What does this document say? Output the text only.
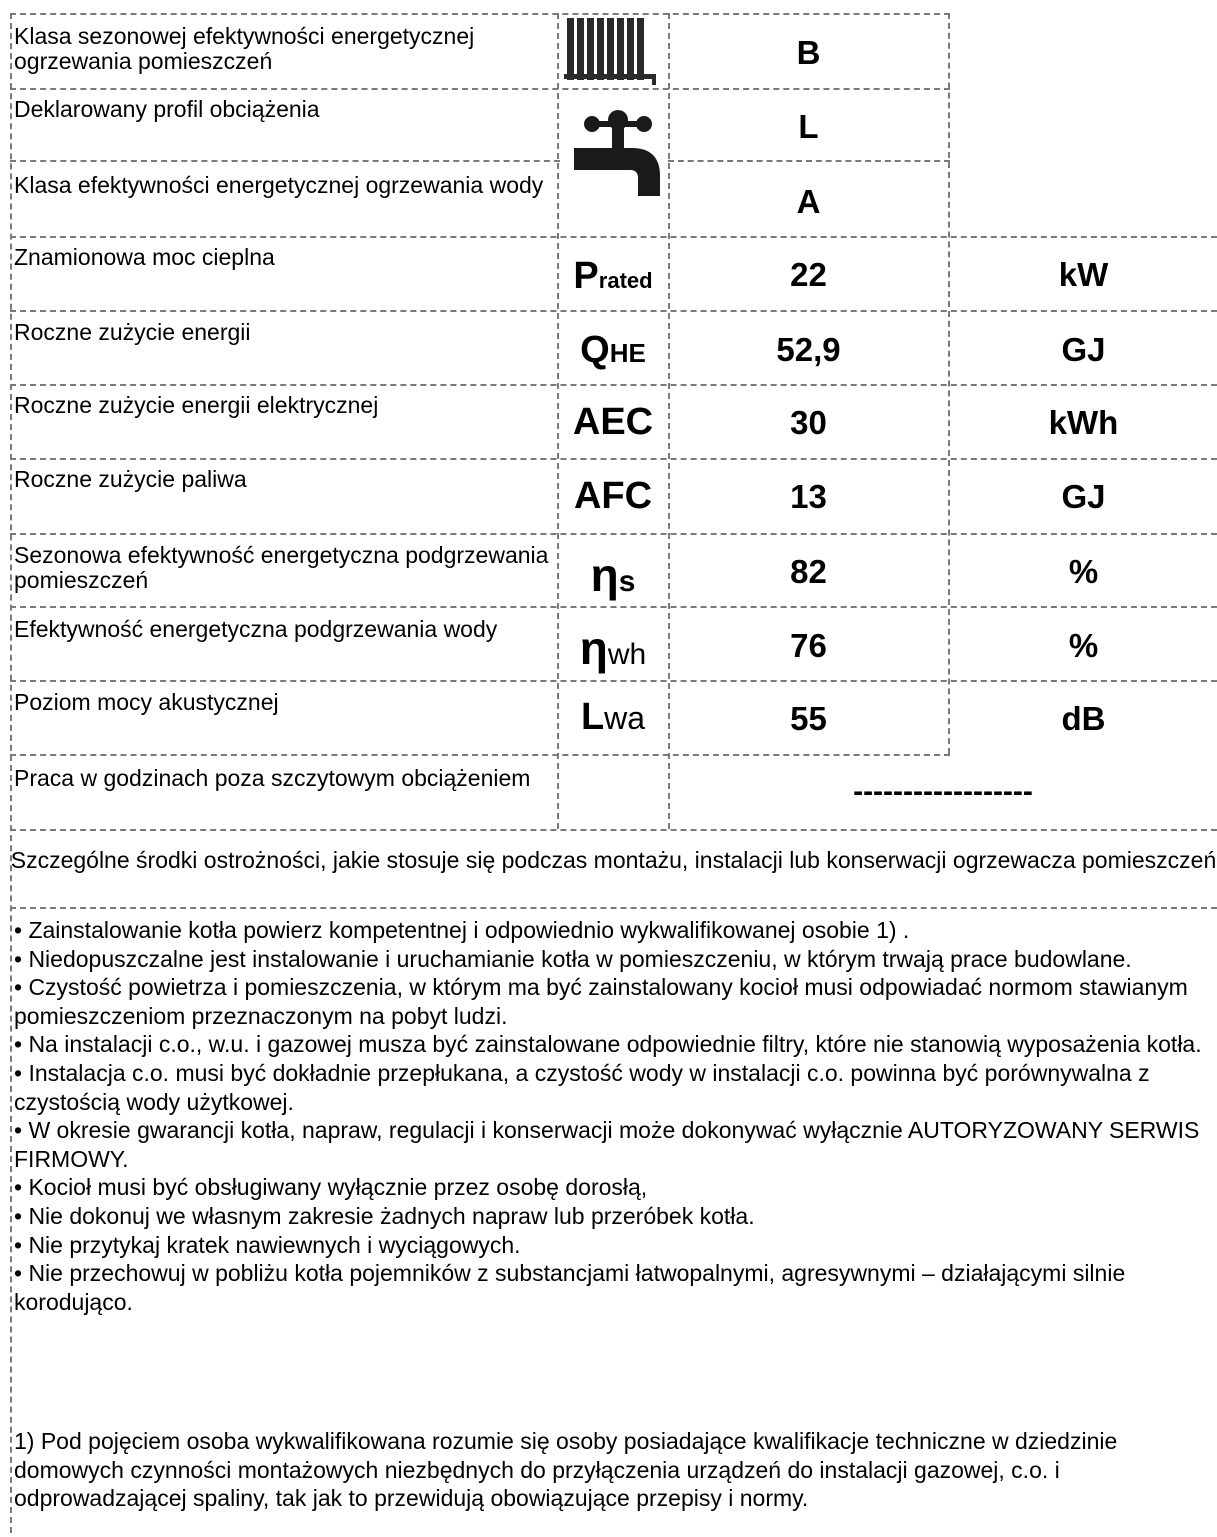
Klasa sezonowej efektywności energetycznej ogrzewania pomieszczeń	B
Deklarowany profil obciążenia	L
Klasa efektywności energetycznej ogrzewania wody	A
Znamionowa moc cieplna	Prated	22	kW
Roczne zużycie energii	QHE	52,9	GJ
Roczne zużycie energii elektrycznej	AEC	30	kWh
Roczne zużycie paliwa	AFC	13	GJ
Sezonowa efektywność energetyczna podgrzewania pomieszczeń	ηs	82	%
Efektywność energetyczna podgrzewania wody	ηwh	76	%
Poziom mocy akustycznej	Lwa	55	dB
Praca w godzinach poza szczytowym obciążeniem	------------------
Szczególne środki ostrożności, jakie stosuje się podczas montażu, instalacji lub konserwacji ogrzewacza pomieszczeń
• Zainstalowanie kotła powierz kompetentnej i odpowiednio wykwalifikowanej osobie 1) .
• Niedopuszczalne jest instalowanie i uruchamianie kotła w pomieszczeniu, w którym trwają prace budowlane.
• Czystość powietrza i pomieszczenia, w którym ma być zainstalowany kocioł musi odpowiadać normom stawianym pomieszczeniom przeznaczonym na pobyt ludzi.
• Na instalacji c.o., w.u. i gazowej musza być zainstalowane odpowiednie filtry, które nie stanowią wyposażenia kotła.
• Instalacja c.o. musi być dokładnie przepłukana, a czystość wody w instalacji c.o. powinna być porównywalna z czystością wody użytkowej.
• W okresie gwarancji kotła, napraw, regulacji i konserwacji może dokonywać wyłącznie AUTORYZOWANY SERWIS FIRMOWY.
• Kocioł musi być obsługiwany wyłącznie przez osobę dorosłą,
• Nie dokonuj we własnym zakresie żadnych napraw lub przeróbek kotła.
• Nie przytykaj kratek nawiewnych i wyciągowych.
• Nie przechowuj w pobliżu kotła pojemników z substancjami łatwopalnymi, agresywnymi – działającymi silnie korodująco.

1) Pod pojęciem osoba wykwalifikowana rozumie się osoby posiadające kwalifikacje techniczne w dziedzinie domowych czynności montażowych niezbędnych do przyłączenia urządzeń do instalacji gazowej, c.o. i odprowadzającej spaliny, tak jak to przewidują obowiązujące przepisy i normy.
